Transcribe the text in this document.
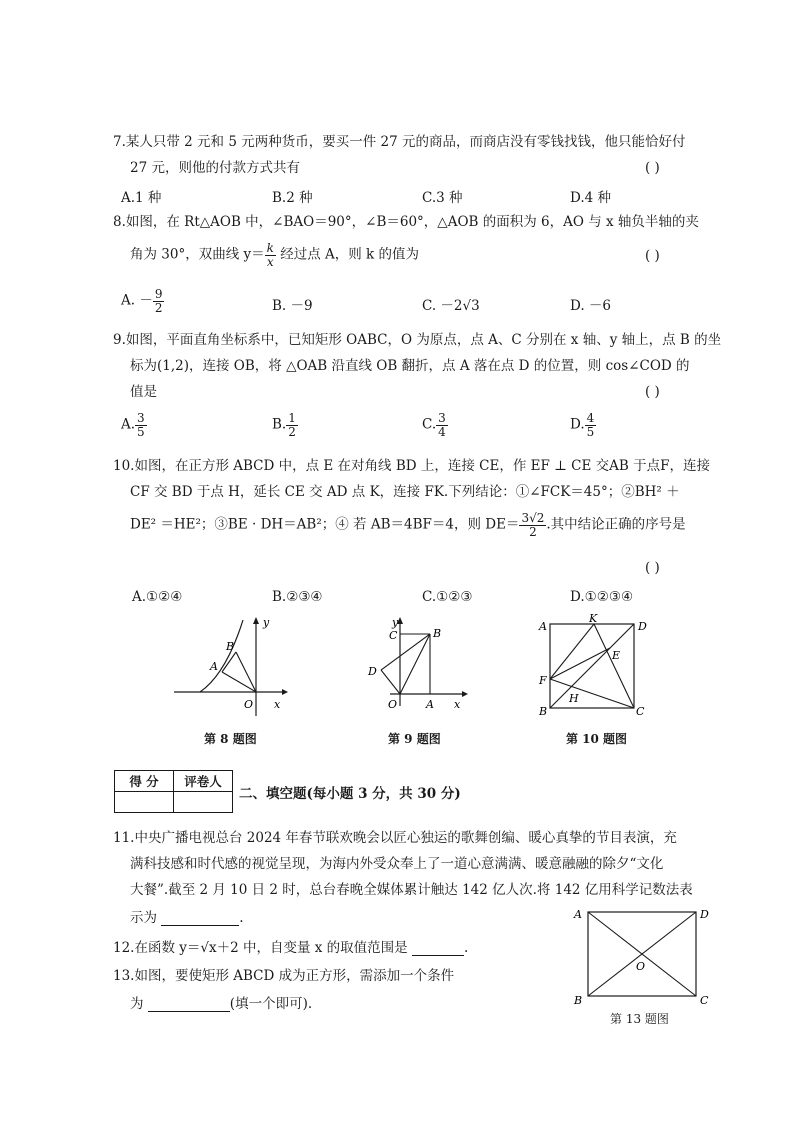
7.某人只带 2 元和 5 元两种货币，要买一件 27 元的商品，而商店没有零钱找钱，他只能恰好付
27 元，则他的付款方式共有	( )
A.1 种	B.2 种	C.3 种	D.4 种
8.如图，在 Rt△AOB 中，∠BAO＝90°，∠B＝60°，△AOB 的面积为 6，AO 与 x 轴负半轴的夹
角为 30°，双曲线 $y= \frac{k}{x}$ 经过点 A，则 k 的值为	( )
A. － $\frac{9}{2}$	B. －9	C. －2√3	D. －6
9.如图，平面直角坐标系中，已知矩形 OABC，O 为原点，点 A、C 分别在 x 轴、y 轴上，点 B 的坐
标为(1,2)，连接 OB，将 △OAB 沿直线 OB 翻折，点 A 落在点 D 的位置，则 cos∠COD 的
值是	( )
A. $\frac{3}{5}$	B. $\frac{1}{2}$	C. $\frac{3}{4}$	D. $\frac{4}{5}$
10.如图，在正方形 ABCD 中，点 E 在对角线 BD 上，连接 CE，作 EF ⊥ CE 交AB 于点F，连接
CF 交 BD 于点 H，延长 CE 交 AD 点 K，连接 FK.下列结论：①∠FCK＝45°；②BH² ＋
DE² ＝HE²；③BE · DH＝AB²；④ 若 AB＝4BF＝4，则 $DE= \frac{3√2}{2}$ .其中结论正确的序号是
( )
A.①②④	B.②③④	C.①②③	D.①②③④
y
x
O
A
B
第 8 题图
y
C	B
D
O	A x
第 9 题图
A
K
D
E
F
H
B	C
第 10 题图
得 分	评卷人

二、填空题(每小题 3 分，共 30 分)
11.中央广播电视总台 2024 年春节联欢晚会以匠心独运的歌舞创编、暖心真挚的节目表演，充
满科技感和时代感的视觉呈现，为海内外受众奉上了一道心意满满、暖意融融的除夕“文化
大餐”.截至 2 月 10 日 2 时，总台春晚全媒体累计触达 142 亿人次.将 142 亿用科学记数法表
示为	.
12.在函数 y＝√x＋2 中，自变量 x 的取值范围是	.
13.如图，要使矩形 ABCD 成为正方形，需添加一个条件
为	(填一个即可).
A	D
O
B	C
第 13 题图
